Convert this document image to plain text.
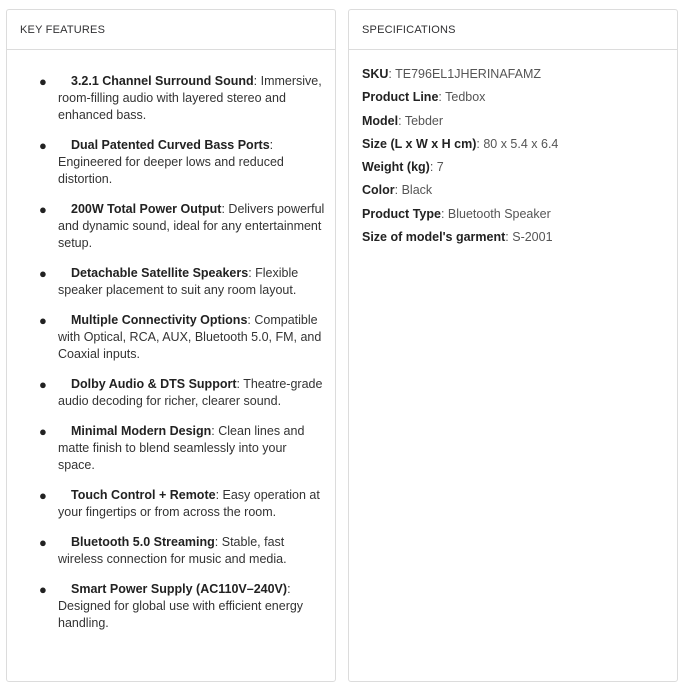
KEY FEATURES
● 3.2.1 Channel Surround Sound: Immersive, room-filling audio with layered stereo and enhanced bass.
● Dual Patented Curved Bass Ports: Engineered for deeper lows and reduced distortion.
● 200W Total Power Output: Delivers powerful and dynamic sound, ideal for any entertainment setup.
● Detachable Satellite Speakers: Flexible speaker placement to suit any room layout.
● Multiple Connectivity Options: Compatible with Optical, RCA, AUX, Bluetooth 5.0, FM, and Coaxial inputs.
● Dolby Audio & DTS Support: Theatre-grade audio decoding for richer, clearer sound.
● Minimal Modern Design: Clean lines and matte finish to blend seamlessly into your space.
● Touch Control + Remote: Easy operation at your fingertips or from across the room.
● Bluetooth 5.0 Streaming: Stable, fast wireless connection for music and media.
● Smart Power Supply (AC110V–240V): Designed for global use with efficient energy handling.
SPECIFICATIONS
SKU: TE796EL1JHERINAFAMZ
Product Line: Tedbox
Model: Tebder
Size (L x W x H cm): 80 x 5.4 x 6.4
Weight (kg): 7
Color: Black
Product Type: Bluetooth Speaker
Size of model's garment: S-2001
